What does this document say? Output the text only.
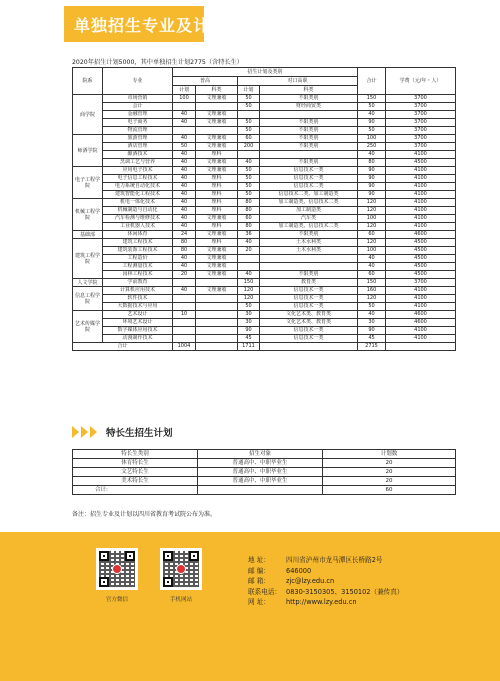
单独招生专业及计划
2020年招生计划5000，其中单独招生计划2775（含特长生）
院系	专业	招生计划及类别				合计	学费（元/年・人）
		普高		对口高职			
		计划	科类	计划	科类		
商学院	市场营销	100	文理兼收	50	不限类别	150	3700
	会计			50	财经商贸类	50	3700
	金融管理	40	文理兼收			40	3700
	电子商务	40	文理兼收	50	不限类别	90	3700
	物流管理			50	不限类别	50	3700
师酒学院	旅游管理	40	文理兼收	60	不限类别	100	3700
	酒店管理	50	文理兼收	200	不限类别	250	3700
	酿酒技术	40	理科			40	4100
	烹调工艺与营养	40	文理兼收	40	不限类别	80	4500
电子工程学院	应用电子技术	40	文理兼收	50	信息技术一类	90	4100
	电子信息工程技术	40	理科	50	信息技术一类	90	4100
	电力系统自动化技术	40	理科	50	信息技术二类	90	4100
	建筑智能化工程技术	40	理科	50	信息技术二类、加工制造类	90	4100
机械工程学院	机电一体化技术	40	理科	80	加工制造类、信息技术二类	120	4100
	机械制造与自动化	40	理科	80	加工制造类	120	4100
	汽车检测与维修技术	40	文理兼收	60	汽车类	100	4100
	工业机器人技术	40	理科	80	加工制造类、信息技术二类	120	4100
基础部	休闲体育	24	文理兼收	36	不限类别	60	4600
建筑工程学院	建筑工程技术	80	理科	40	土木水利类	120	4500
	建筑装饰工程技术	80	文理兼收	20	土木水利类	100	4500
	工程造价	40	文理兼收			40	4500
	工程测量技术	40	文理兼收			40	4500
	园林工程技术	20	文理兼收	40	不限类别	60	4500
人文学院	学前教育			150	教育类	150	3700
信息工程学院	计算机应用技术	40	文理兼收	120	信息技术一类	160	4100
	软件技术			120	信息技术一类	120	4100
	大数据技术与应用			50	信息技术一类	50	4100
艺术传媒学院	艺术设计	10		30	文化艺术类、教育类	40	4600
	环境艺术设计			30	文化艺术类、教育类	30	4600
	数字媒体应用技术			90	信息技术一类	90	4100
	动漫制作技术			45	信息技术一类	45	4100
合计		1004		1711		2715	
特长生招生计划
特长生类别	招生对象	计划数
体育特长生	普通高中、中职毕业生	20
文艺特长生	普通高中、中职毕业生	20
美术特长生	普通高中、中职毕业生	20
合计:		60
备注：招生专业及计划以四川省教育考试院公布为准。
官方微信	手机网站
地 址： 四川省泸州市龙马潭区长桥路2号
邮 编： 646000
邮 箱： zjc@lzy.edu.cn
联系电话： 0830-3150305、3150102（兼传真）
网 址： http://www.lzy.edu.cn
